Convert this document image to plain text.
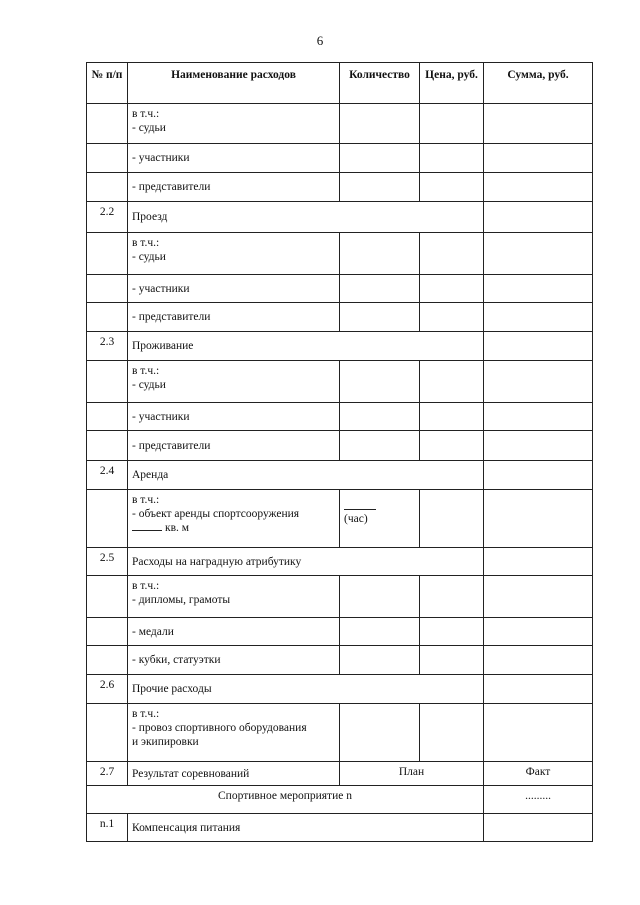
6
№ п/п	Наименование расходов	Количество	Цена, руб.	Сумма, руб.
	в т.ч.:
- судьи			
	- участники			
	- представители			
2.2	Проезд			
	в т.ч.:
- судьи			
	- участники			
	- представители			
2.3	Проживание			
	в т.ч.:
- судьи			
	- участники			
	- представители			
2.4	Аренда			
	в т.ч.:
- объект аренды спортсооружения
кв. м	(час)		
2.5	Расходы на наградную атрибутику			
	в т.ч.:
- дипломы, грамоты			
	- медали			
	- кубки, статуэтки			
2.6	Прочие расходы			
	в т.ч.:
- провоз спортивного оборудования
и экипировки			
2.7	Результат соревнований	План		Факт
Спортивное мероприятие n				.........
n.1	Компенсация питания			
